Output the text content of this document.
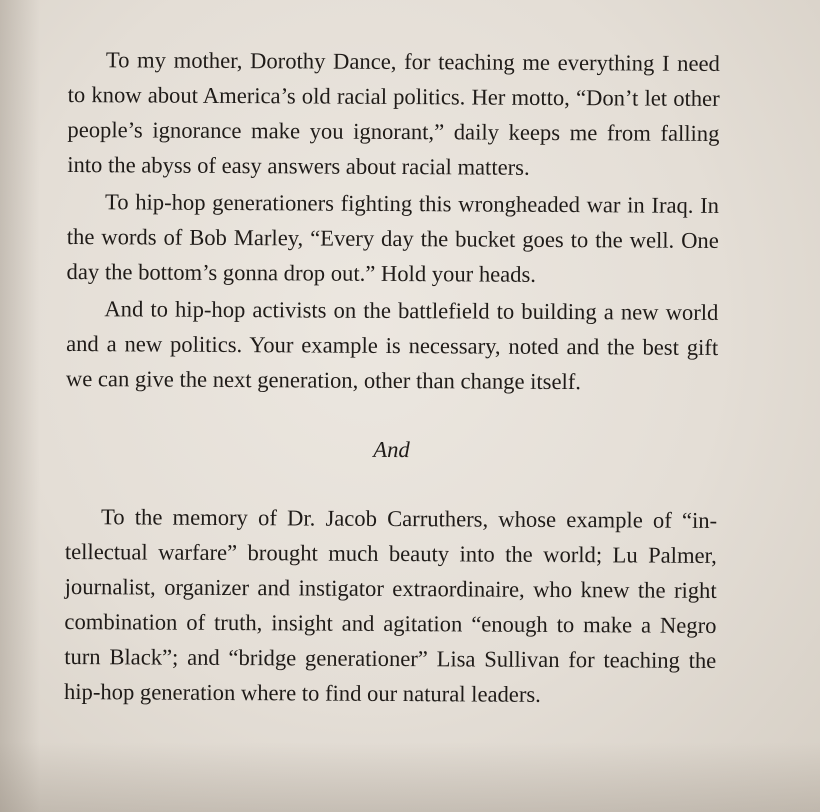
To my mother, Dorothy Dance, for teaching me everything I need to know about America’s old racial politics. Her motto, “Don’t let other people’s ignorance make you ignorant,” daily keeps me from falling into the abyss of easy answers about racial matters.

To hip-hop generationers fighting this wrongheaded war in Iraq. In the words of Bob Marley, “Every day the bucket goes to the well. One day the bottom’s gonna drop out.” Hold your heads.

And to hip-hop activists on the battlefield to building a new world and a new politics. Your example is necessary, noted and the best gift we can give the next generation, other than change itself.

And

To the memory of Dr. Jacob Carruthers, whose example of “in-tellectual warfare” brought much beauty into the world; Lu Palmer, journalist, organizer and instigator extraordinaire, who knew the right combination of truth, insight and agitation “enough to make a Negro turn Black”; and “bridge generationer” Lisa Sullivan for teaching the hip-hop generation where to find our natural leaders.
